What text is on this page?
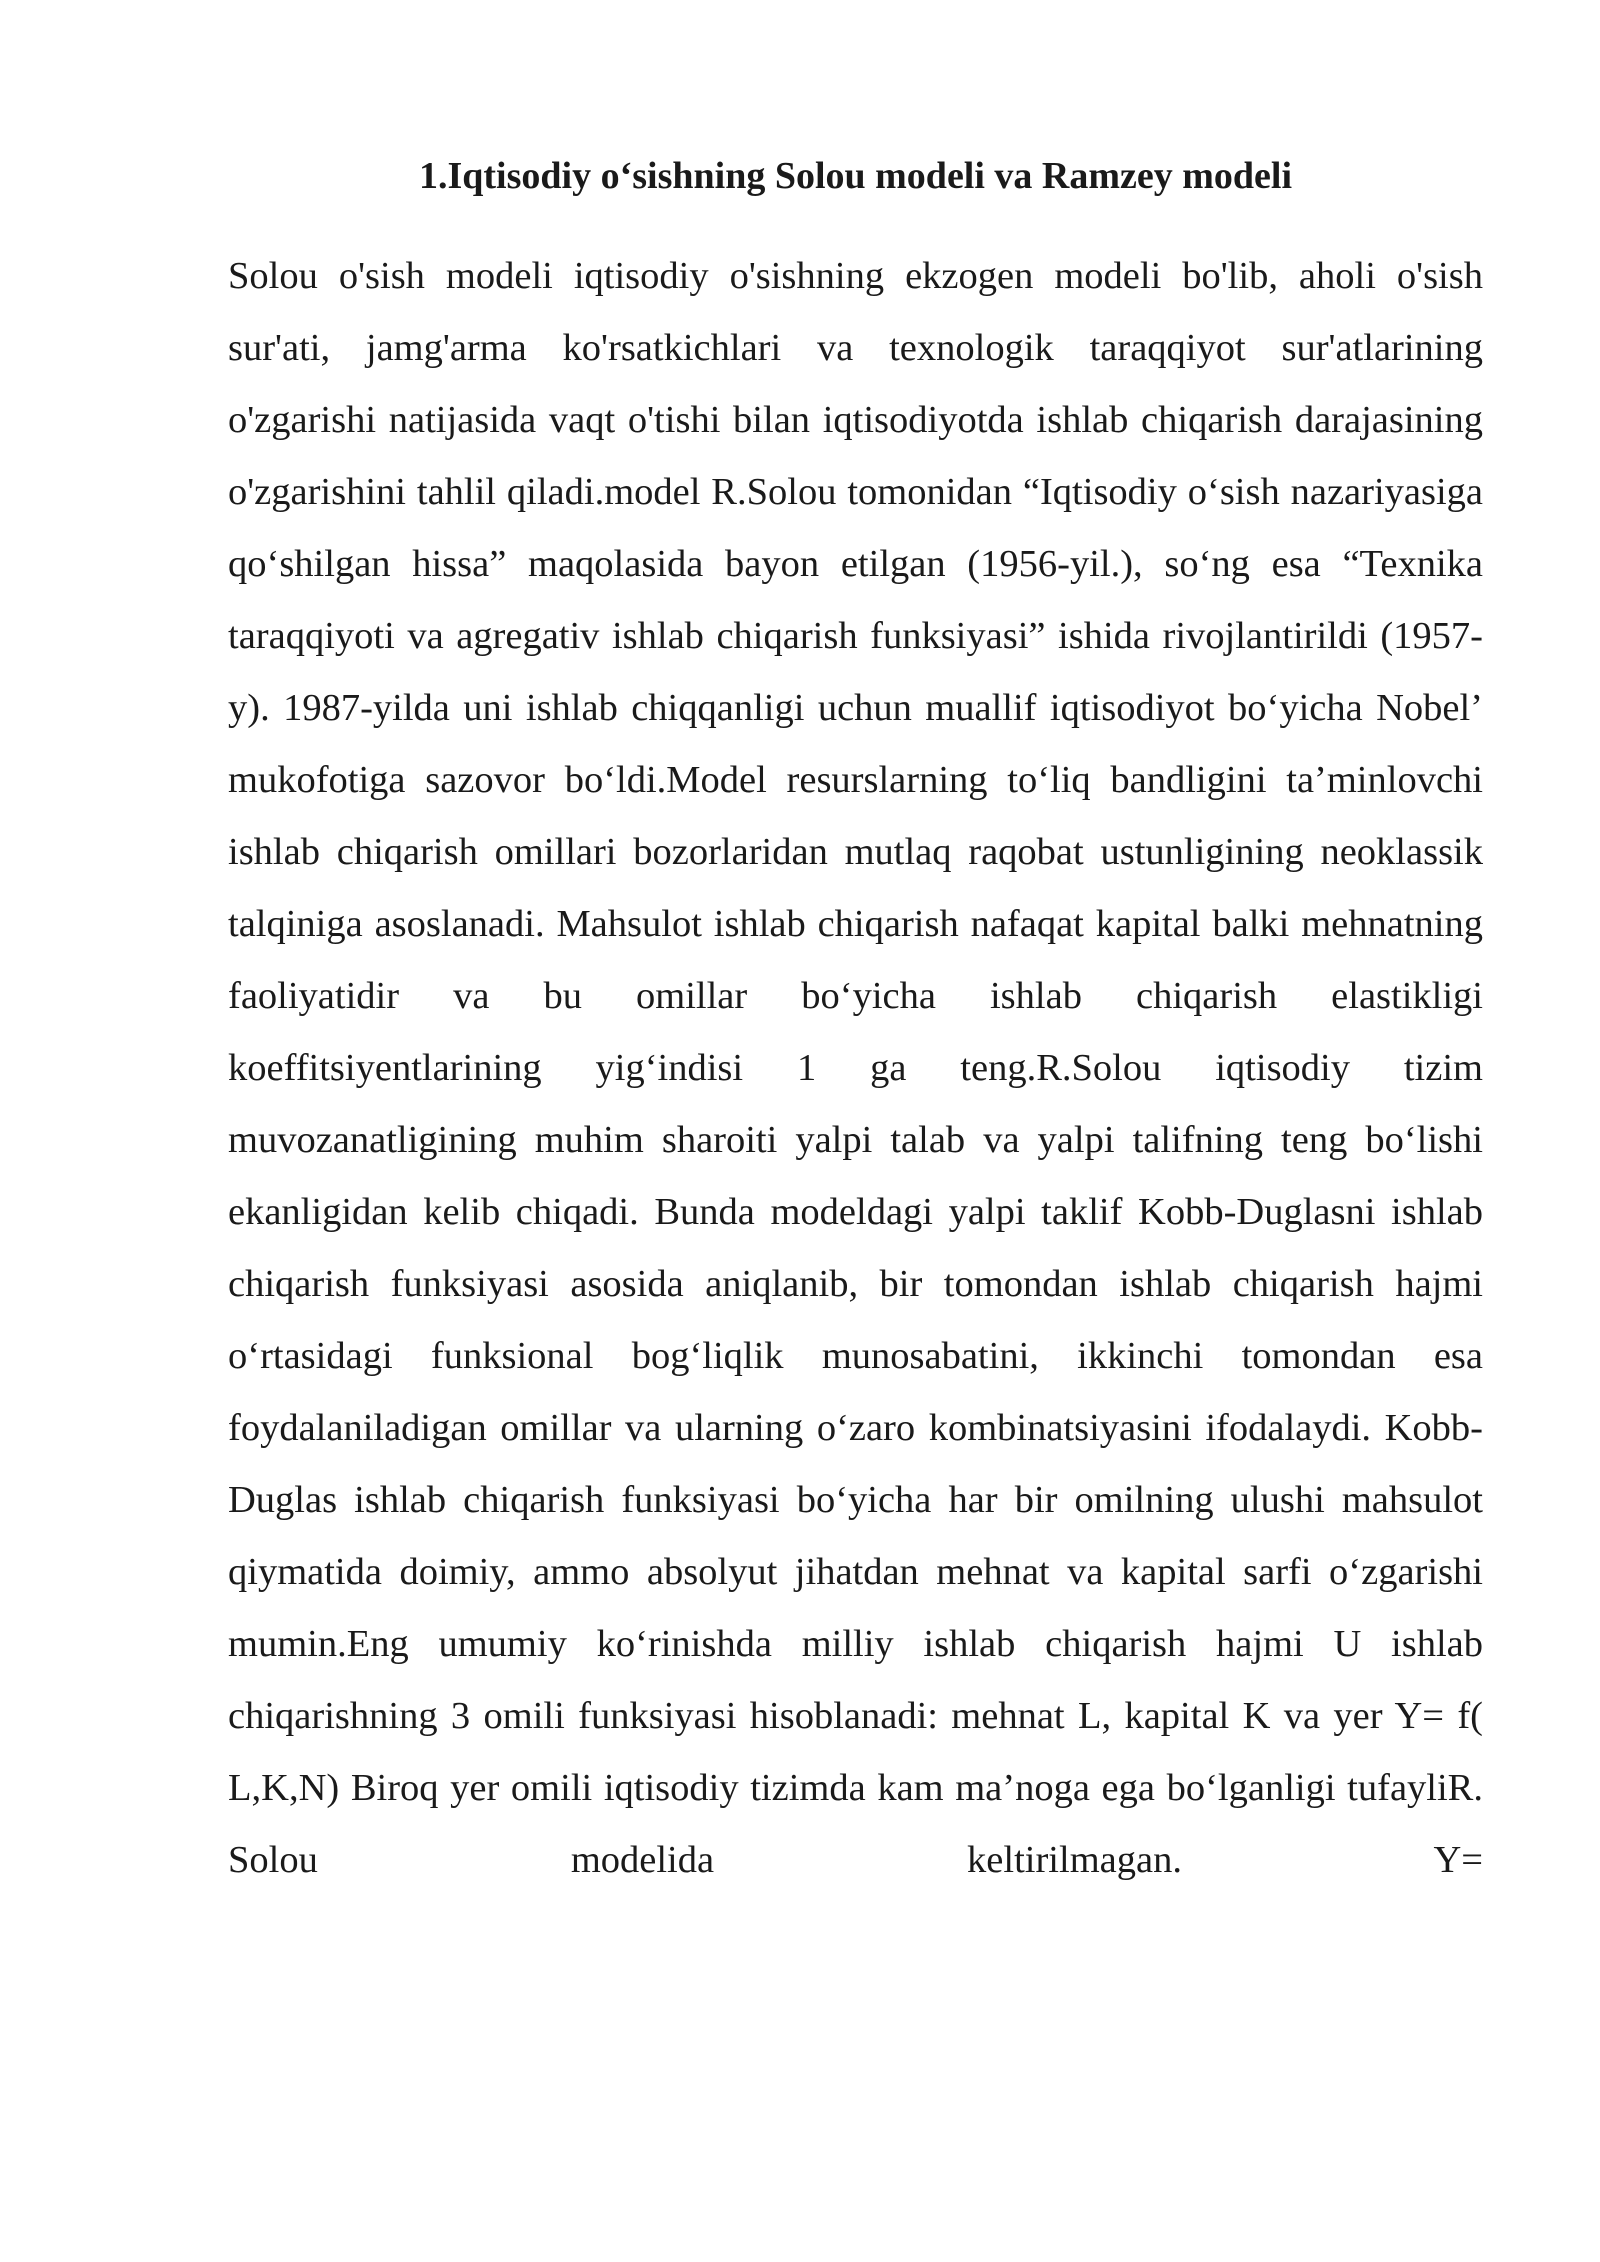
1.Iqtisodiy o‘sishning Solou modeli va Ramzey modeli

Solou o'sish modeli iqtisodiy o'sishning ekzogen modeli bo'lib, aholi o'sish sur'ati, jamg'arma ko'rsatkichlari va texnologik taraqqiyot sur'atlarining o'zgarishi natijasida vaqt o'tishi bilan iqtisodiyotda ishlab chiqarish darajasining o'zgarishini tahlil qiladi.model R.Solou tomonidan “Iqtisodiy o‘sish nazariyasiga qo‘shilgan hissa” maqolasida bayon etilgan (1956-yil.), so‘ng esa “Texnika taraqqiyoti va agregativ ishlab chiqarish funksiyasi” ishida rivojlantirildi (1957-y). 1987-yilda uni ishlab chiqqanligi uchun muallif iqtisodiyot bo‘yicha Nobel’ mukofotiga sazovor bo‘ldi.Model resurslarning to‘liq bandligini ta’minlovchi ishlab chiqarish omillari bozorlaridan mutlaq raqobat ustunligining neoklassik talqiniga asoslanadi. Mahsulot ishlab chiqarish nafaqat kapital balki mehnatning faoliyatidir va bu omillar bo‘yicha ishlab chiqarish elastikligi koeffitsiyentlarining yig‘indisi 1 ga teng.R.Solou iqtisodiy tizim muvozanatligining muhim sharoiti yalpi talab va yalpi talifning teng bo‘lishi ekanligidan kelib chiqadi. Bunda modeldagi yalpi taklif Kobb-Duglasni ishlab chiqarish funksiyasi asosida aniqlanib, bir tomondan ishlab chiqarish hajmi o‘rtasidagi funksional bog‘liqlik munosabatini, ikkinchi tomondan esa foydalaniladigan omillar va ularning o‘zaro kombinatsiyasini ifodalaydi. Kobb-Duglas ishlab chiqarish funksiyasi bo‘yicha har bir omilning ulushi mahsulot qiymatida doimiy, ammo absolyut jihatdan mehnat va kapital sarfi o‘zgarishi mumin.Eng umumiy ko‘rinishda milliy ishlab chiqarish hajmi U ishlab chiqarishning 3 omili funksiyasi hisoblanadi: mehnat L, kapital K va yer Y= f( L,K,N) Biroq yer omili iqtisodiy tizimda kam ma’noga ega bo‘lganligi tufayliR. Solou modelida keltirilmagan. Y=
